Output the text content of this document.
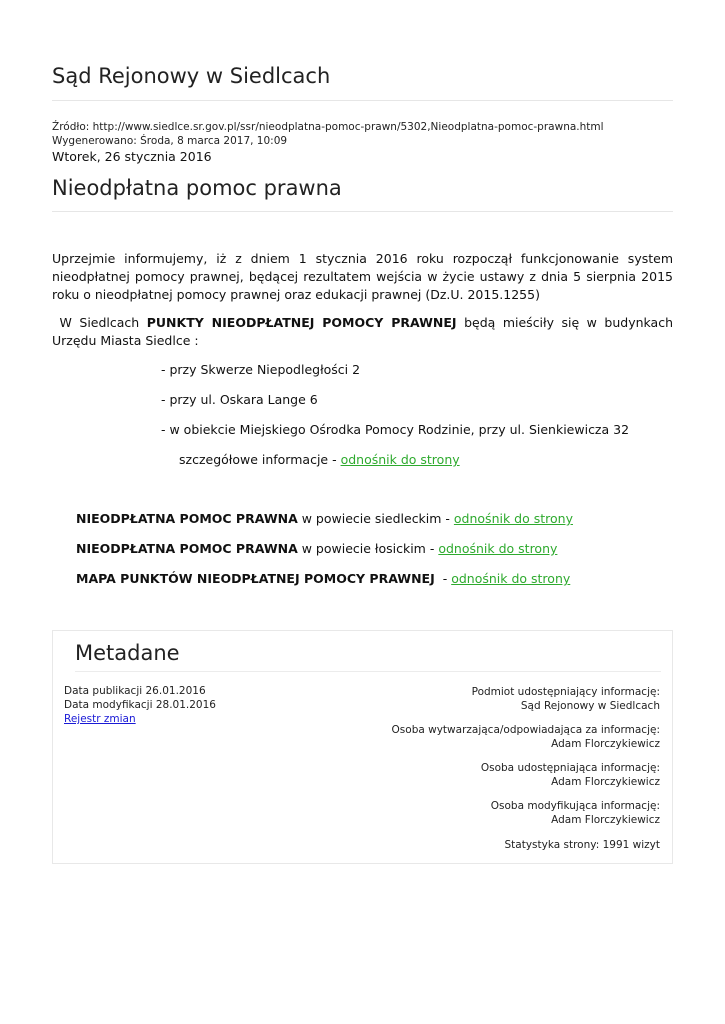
Sąd Rejonowy w Siedlcach
Źródło: http://www.siedlce.sr.gov.pl/ssr/nieodplatna-pomoc-prawn/5302,Nieodplatna-pomoc-prawna.html
Wygenerowano: Środa, 8 marca 2017, 10:09
Wtorek, 26 stycznia 2016
Nieodpłatna pomoc prawna
Uprzejmie informujemy, iż z dniem 1 stycznia 2016 roku rozpoczął funkcjonowanie system nieodpłatnej pomocy prawnej, będącej rezultatem wejścia w życie ustawy z dnia 5 sierpnia 2015 roku o nieodpłatnej pomocy prawnej oraz edukacji prawnej (Dz.U. 2015.1255)
W Siedlcach PUNKTY NIEODPŁATNEJ POMOCY PRAWNEJ będą mieściły się w budynkach Urzędu Miasta Siedlce :
- przy Skwerze Niepodległości 2
- przy ul. Oskara Lange 6
- w obiekcie Miejskiego Ośrodka Pomocy Rodzinie, przy ul. Sienkiewicza 32
szczegółowe informacje - odnośnik do strony
NIEODPŁATNA POMOC PRAWNA w powiecie siedleckim - odnośnik do strony
NIEODPŁATNA POMOC PRAWNA w powiecie łosickim - odnośnik do strony
MAPA PUNKTÓW NIEODPŁATNEJ POMOCY PRAWNEJ  - odnośnik do strony
Metadane
Data publikacji 26.01.2016
Data modyfikacji 28.01.2016
Rejestr zmian
Podmiot udostępniający informację:
Sąd Rejonowy w Siedlcach
Osoba wytwarzająca/odpowiadająca za informację:
Adam Florczykiewicz
Osoba udostępniająca informację:
Adam Florczykiewicz
Osoba modyfikująca informację:
Adam Florczykiewicz
Statystyka strony: 1991 wizyt
